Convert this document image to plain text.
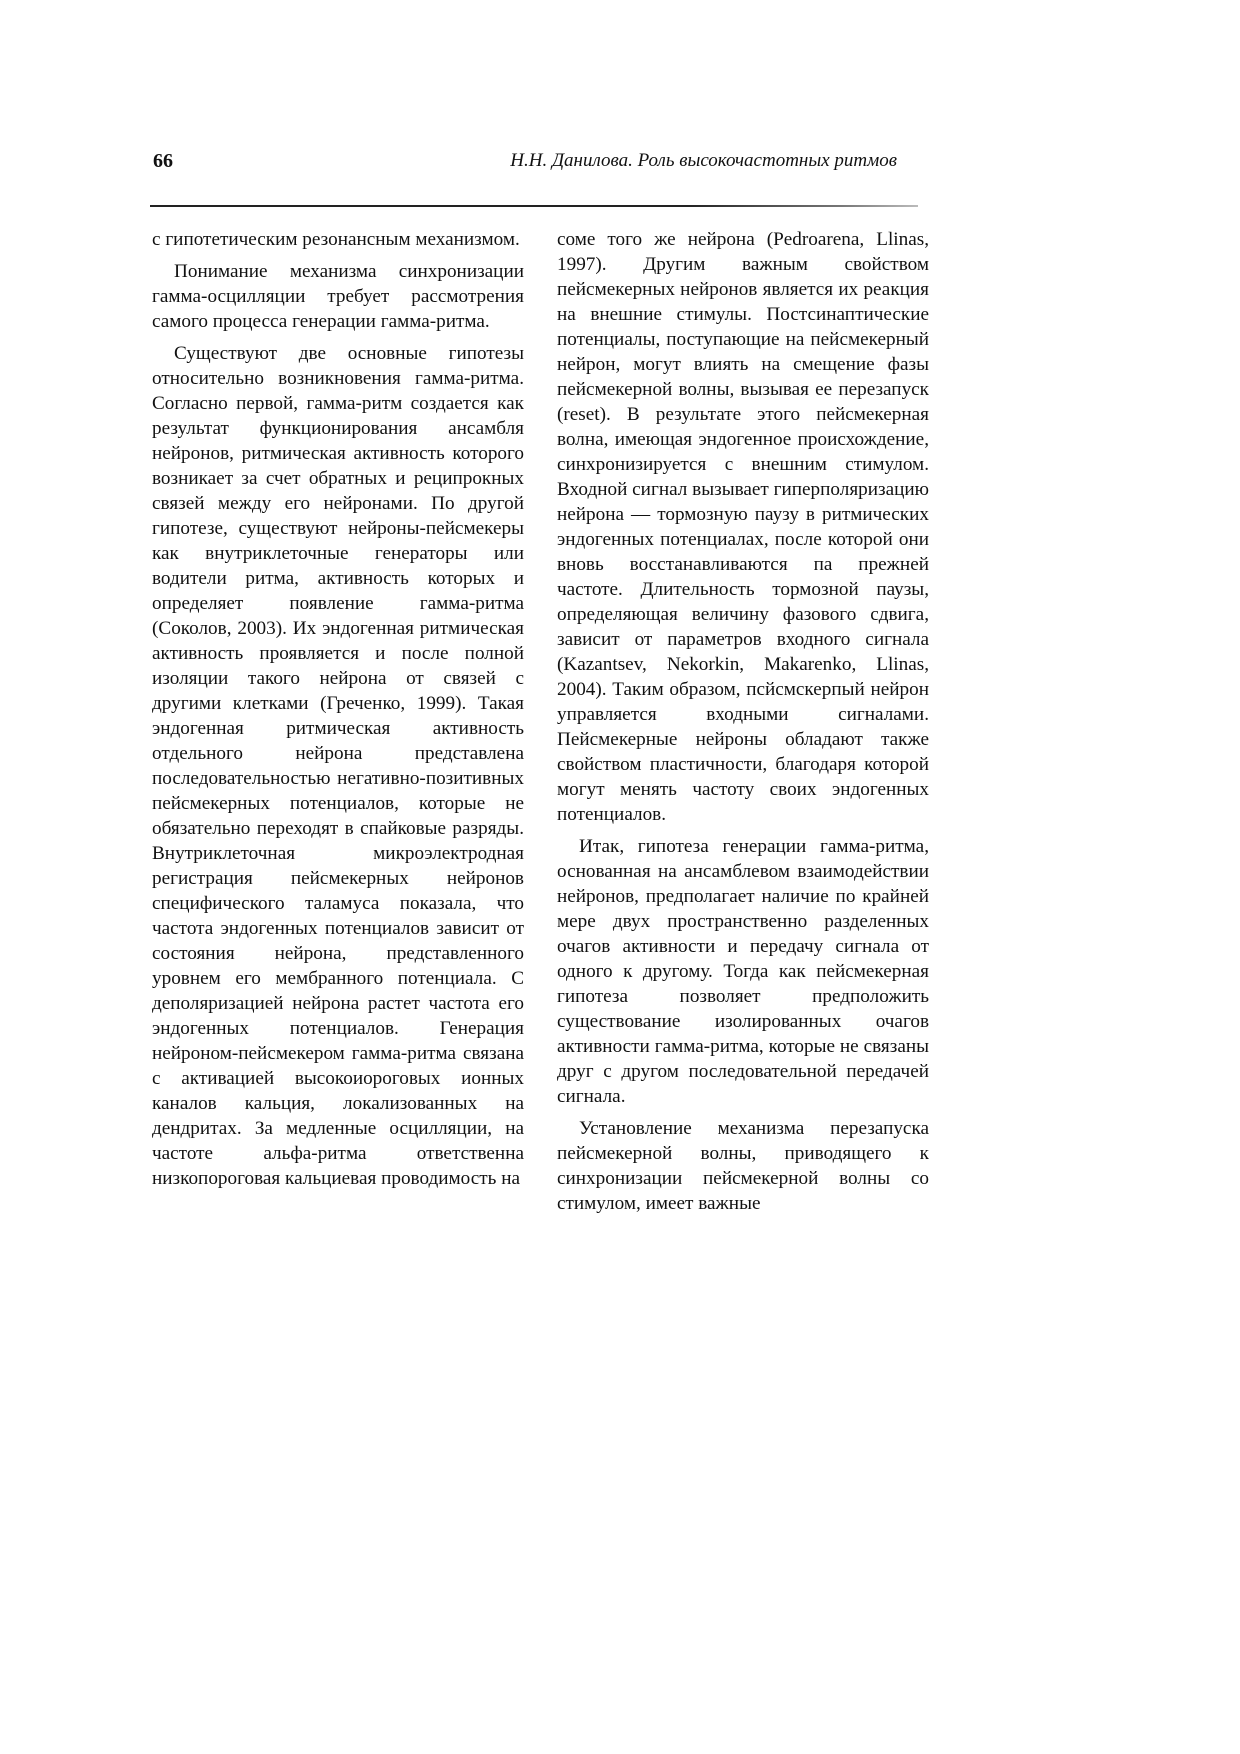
66	Н.Н. Данилова. Роль высокочастотных ритмов

с гипотетическим резонансным механизмом.

Понимание механизма синхронизации гамма-осцилляции требует рассмотрения самого процесса генерации гамма-ритма.

Существуют две основные гипотезы относительно возникновения гамма-ритма. Согласно первой, гамма-ритм создается как результат функционирования ансамбля нейронов, ритмическая активность которого возникает за счет обратных и реципрокных связей между его нейронами. По другой гипотезе, существуют нейроны-пейсмекеры как внутриклеточные генераторы или водители ритма, активность которых и определяет появление гамма-ритма (Соколов, 2003). Их эндогенная ритмическая активность проявляется и после полной изоляции такого нейрона от связей с другими клетками (Греченко, 1999). Такая эндогенная ритмическая активность отдельного нейрона представлена последовательностью негативно-позитивных пейсмекерных потенциалов, которые не обязательно переходят в спайковые разряды. Внутриклеточная микроэлектродная регистрация пейсмекерных нейронов специфического таламуса показала, что частота эндогенных потенциалов зависит от состояния нейрона, представленного уровнем его мембранного потенциала. С деполяризацией нейрона растет частота его эндогенных потенциалов. Генерация нейроном-пейсмекером гамма-ритма связана с активацией высокоиороговых ионных каналов кальция, локализованных на дендритах. За медленные осцилляции, на частоте альфа-ритма ответственна низкопороговая кальциевая проводимость на

соме того же нейрона (Pedroarena, Llinas, 1997). Другим важным свойством пейсмекерных нейронов является их реакция на внешние стимулы. Постсинаптические потенциалы, поступающие на пейсмекерный нейрон, могут влиять на смещение фазы пейсмекерной волны, вызывая ее перезапуск (reset). В результате этого пейсмекерная волна, имеющая эндогенное происхождение, синхронизируется с внешним стимулом. Входной сигнал вызывает гиперполяризацию нейрона — тормозную паузу в ритмических эндогенных потенциалах, после которой они вновь восстанавливаются па прежней частоте. Длительность тормозной паузы, определяющая величину фазового сдвига, зависит от параметров входного сигнала (Kazantsev, Nekorkin, Makarenko, Llinas, 2004). Таким образом, псйсмскерпый нейрон управляется входными сигналами. Пейсмекерные нейроны обладают также свойством пластичности, благодаря которой могут менять частоту своих эндогенных потенциалов.

Итак, гипотеза генерации гамма-ритма, основанная на ансамблевом взаимодействии нейронов, предполагает наличие по крайней мере двух пространственно разделенных очагов активности и передачу сигнала от одного к другому. Тогда как пейсмекерная гипотеза позволяет предположить существование изолированных очагов активности гамма-ритма, которые не связаны друг с другом последовательной передачей сигнала.

Установление механизма перезапуска пейсмекерной волны, приводящего к синхронизации пейсмекерной волны со стимулом, имеет важные
